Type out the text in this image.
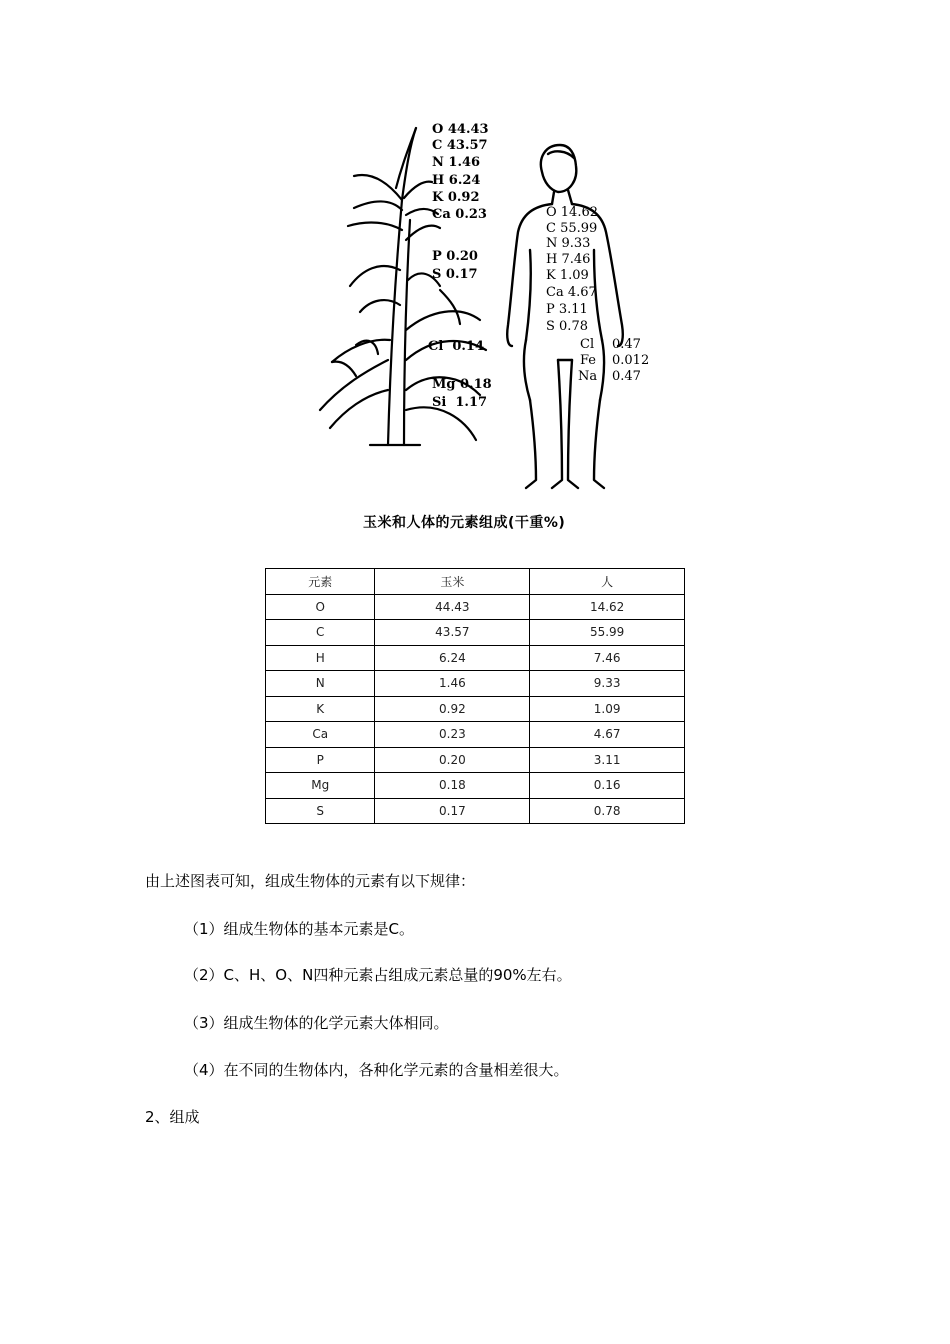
O 44.43
C 43.57
N 1.46
H 6.24
K 0.92
Ca 0.23
P 0.20
S 0.17
Cl  0.14
Mg 0.18
Si  1.17
O 14.62
C 55.99
N 9.33
H 7.46
K 1.09
Ca 4.67
P 3.11
S 0.78
Cl 0.47
Fe 0.012
Na 0.47
玉米和人体的元素组成(干重%)
元素	玉米	人
O	44.43	14.62
C	43.57	55.99
H	6.24	7.46
N	1.46	9.33
K	0.92	1.09
Ca	0.23	4.67
P	0.20	3.11
Mg	0.18	0.16
S	0.17	0.78
由上述图表可知，组成生物体的元素有以下规律：
（1）组成生物体的基本元素是C。
（2）C、H、O、N四种元素占组成元素总量的90%左右。
（3）组成生物体的化学元素大体相同。
（4）在不同的生物体内，各种化学元素的含量相差很大。
2、组成
